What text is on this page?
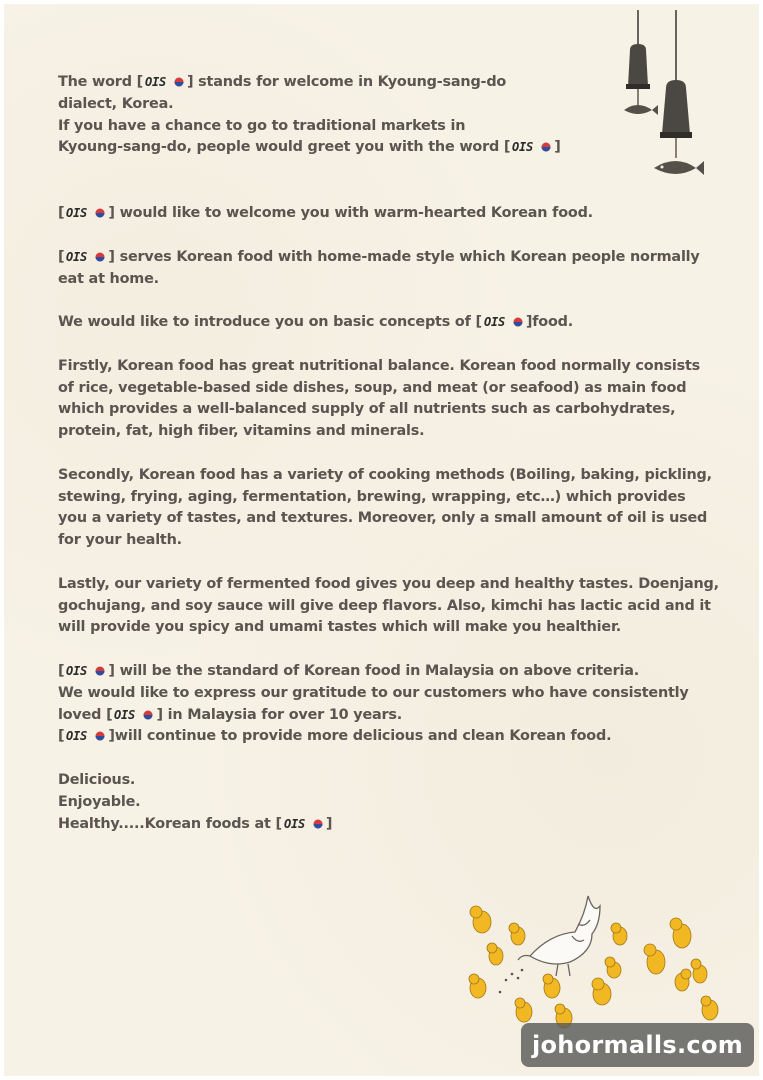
The word [ OIS ] stands for welcome in Kyoung-sang-do

dialect, Korea.

If you have a chance to go to traditional markets in

Kyoung-sang-do, people would greet you with the word [ OIS ]

[ OIS ] would like to welcome you with warm-hearted Korean food.

[ OIS ] serves Korean food with home-made style which Korean people normally

eat at home.

We would like to introduce you on basic concepts of [ OIS ]food.

Firstly, Korean food has great nutritional balance. Korean food normally consists

of rice, vegetable-based side dishes, soup, and meat (or seafood) as main food

which provides a well-balanced supply of all nutrients such as carbohydrates,

protein, fat, high fiber, vitamins and minerals.

Secondly, Korean food has a variety of cooking methods (Boiling, baking, pickling,

stewing, frying, aging, fermentation, brewing, wrapping, etc…) which provides

you a variety of tastes, and textures. Moreover, only a small amount of oil is used

for your health.

Lastly, our variety of fermented food gives you deep and healthy tastes. Doenjang,

gochujang, and soy sauce will give deep flavors. Also, kimchi has lactic acid and it

will provide you spicy and umami tastes which will make you healthier.

[ OIS ] will be the standard of Korean food in Malaysia on above criteria.

We would like to express our gratitude to our customers who have consistently

loved [ OIS ] in Malaysia for over 10 years.

[ OIS ]will continue to provide more delicious and clean Korean food.

Delicious.

Enjoyable.

Healthy.....Korean foods at [ OIS ]

johormalls.com
